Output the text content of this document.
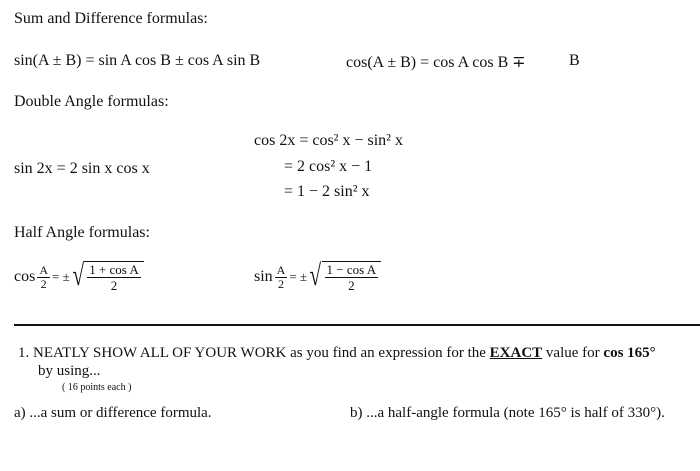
Sum and Difference formulas:
sin(A ± B) = sin A cos B ± cos A sin B	cos(A ± B) = cos A cos B ∓	B
Double Angle formulas:
cos 2x = cos² x − sin² x
sin 2x = 2 sin x cos x	= 2 cos² x − 1
= 1 − 2 sin² x
Half Angle formulas:
$\cos \frac{A}{2}$ = ± √ $\frac{\text{1 + cos A}}{2}$	$\sin \frac{A}{2}$ = ± √ $\frac{\text{1 − cos A}}{2}$
1. NEATLY SHOW ALL OF YOUR WORK as you find an expression for the EXACT value for cos 165°
by using...
( 16 points each )
a) ...a sum or difference formula.	b) ...a half-angle formula (note 165° is half of 330°).
